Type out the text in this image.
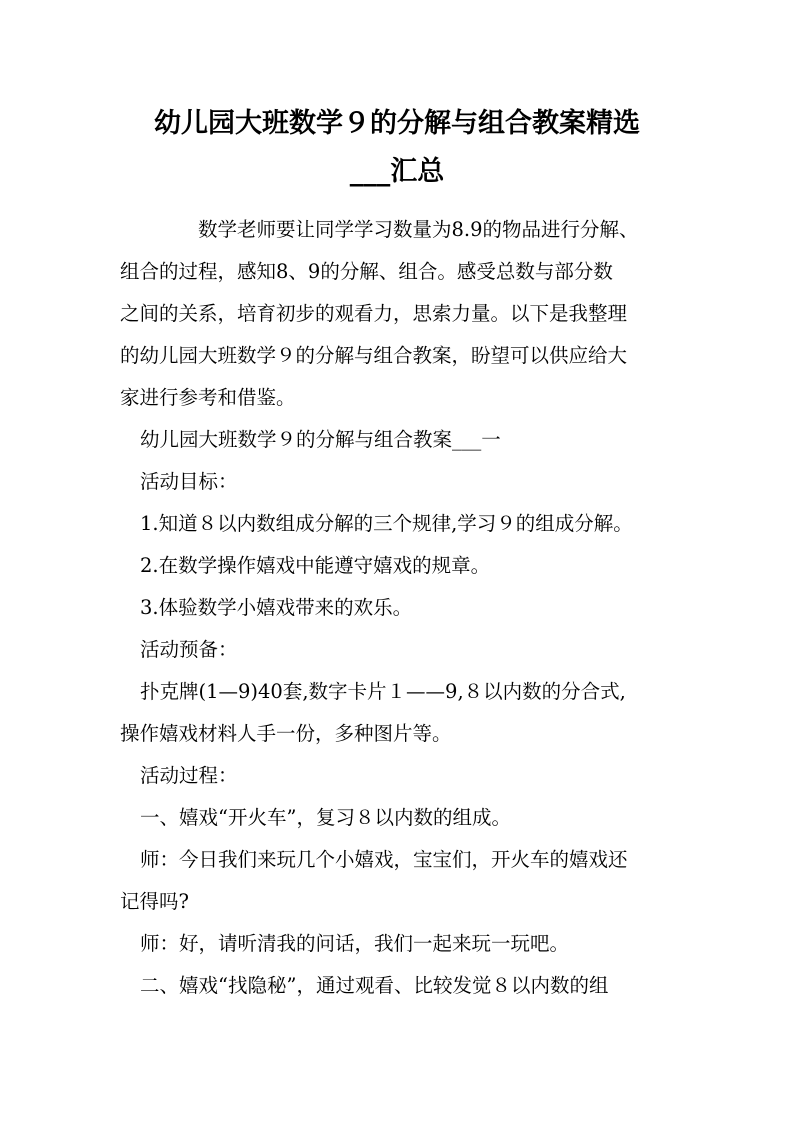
幼儿园大班数学９的分解与组合教案精选
___汇总
数学老师要让同学学习数量为8.9的物品进行分解、
组合的过程，感知8、9的分解、组合。感受总数与部分数
之间的关系，培育初步的观看力，思索力量。以下是我整理
的幼儿园大班数学９的分解与组合教案，盼望可以供应给大
家进行参考和借鉴。
幼儿园大班数学９的分解与组合教案___一
活动目标：
1.知道８以内数组成分解的三个规律,学习９的组成分解。
2.在数学操作嬉戏中能遵守嬉戏的规章。
3.体验数学小嬉戏带来的欢乐。
活动预备：
扑克牌(1—9)40套,数字卡片１——9,８以内数的分合式,
操作嬉戏材料人手一份，多种图片等。
活动过程：
一、嬉戏“开火车”，复习８以内数的组成。
师：今日我们来玩几个小嬉戏，宝宝们，开火车的嬉戏还
记得吗?
师：好，请听清我的问话，我们一起来玩一玩吧。
二、嬉戏“找隐秘”，通过观看、比较发觉８以内数的组
